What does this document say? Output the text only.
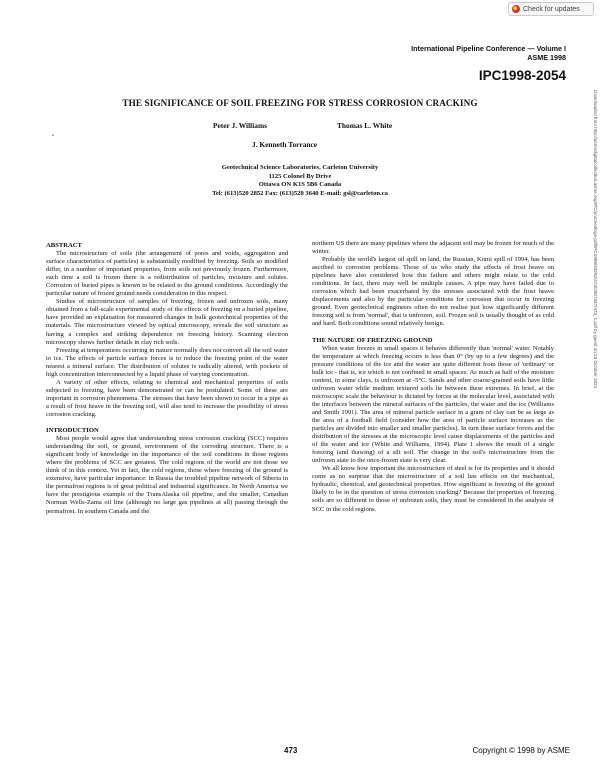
Check for updates
International Pipeline Conference — Volume I
ASME 1998
IPC1998-2054
THE SIGNIFICANCE OF SOIL FREEZING FOR STRESS CORROSION CRACKING
Peter J. Williams	Thomas L. White
J. Kenneth Torrance
•
Geotechnical Science Laboratories, Carleton University
1125 Colonel By Drive
Ottawa ON K1S 5B6 Canada
Tel: (613)520 2852 Fax: (613)520 3640 E-mail: gsl@carleton.ca
ABSTRACT

The microstructure of soils (the arrangement of pores and voids, aggregation and surface characteristics of particles) is substantially modified by freezing. Soils so modified differ, in a number of important properties, from soils not previously frozen. Furthermore, each time a soil is frozen there is a redistribution of particles, moisture and solutes. Corrosion of buried pipes is known to be related to the ground conditions. Accordingly the particular nature of frozen ground needs consideration in this respect.

Studies of microstructure of samples of freezing, frozen and unfrozen soils, many obtained from a full-scale experimental study of the effects of freezing on a buried pipeline, have provided an explanation for measured changes in bulk geotechnical properties of the materials. The microstructure viewed by optical microscopy, reveals the soil structure as having a complex and striking dependence on freezing history. Scanning electron microscopy shows further details in clay rich soils.

Freezing at temperatures occurring in nature normally does not convert all the soil water to ice. The effects of particle surface forces is to reduce the freezing point of the water nearest a mineral surface. The distribution of solutes is radically altered, with pockets of high concentration interconnected by a liquid phase of varying concentration.

A variety of other effects, relating to chemical and mechanical properties of soils subjected to freezing, have been demonstrated or can be postulated. Some of these are important in corrosion phenomena. The stresses that have been shown to occur in a pipe as a result of frost heave in the freezing soil, will also tend to increase the possibility of stress corrosion cracking.

INTRODUCTION

Most people would agree that understanding stress corrosion cracking (SCC) requires understanding the soil, or ground, environment of the corroding structure. There is a significant body of knowledge on the importance of the soil conditions in those regions where the problems of SCC are greatest. The cold regions of the world are not those we think of in this context. Yet in fact, the cold regions, those where freezing of the ground is extensive, have particular importance: in Russia the troubled pipeline network of Siberia in the permafrost regions is of great political and industrial significance. In North America we have the prestigious example of the TransAlaska oil pipeline, and the smaller, Canadian Norman Wells-Zama oil line (although no large gas pipelines at all) passing through the permafrost. In southern Canada and the

northern US there are many pipelines where the adjacent soil may be frozen for much of the winter.

Probably the world's largest oil spill on land, the Russian, Komi spill of 1994, has been ascribed to corrosion problems. Those of us who study the effects of frost heave on pipelines have also considered how this failure and others might relate to the cold conditions. In fact, there may well be multiple causes. A pipe may have failed due to corrosion which had been exacerbated by the stresses associated with the frost heave displacements and also by the particular conditions for corrosion that occur in freezing ground. Even geotechnical engineers often do not realise just how significantly different freezing soil is from 'normal', that is unfrozen, soil. Frozen soil is usually thought of as cold and hard. Both conditions sound relatively benign.

THE NATURE OF FREEZING GROUND

When water freezes in small spaces it behaves differently than 'normal' water. Notably the temperature at which freezing occurs is less than 0° (by up to a few degrees) and the pressure conditions of the ice and the water are quite different from those of 'ordinary' or bulk ice - that is, ice which is not confined in small spaces. As much as half of the moisture content, in some clays, is unfrozen at -5°C. Sands and other coarse-grained soils have little unfrozen water while medium textured soils lie between these extremes. In brief, at the microscopic scale the behaviour is dictated by forces at the molecular level, associated with the interfaces between the mineral surfaces of the particles, the water and the ice (Williams and Smith 1991). The area of mineral particle surface in a gram of clay can be as large as the area of a football field (consider how the area of particle surface increases as the particles are divided into smaller and smaller particles). In turn these surface forces and the distribution of the stresses at the microscopic level cause displacements of the particles and of the water and ice (White and Williams, 1994). Plate 1 shows the result of a single freezing (and thawing) of a silt soil. The change in the soil's microstructure from the unfrozen state to the once-frozen state is very clear.

We all know how important the microstructure of steel is for its properties and it should come as no surprise that the microstructure of a soil has effects on the mechanical, hydraulic, chemical, and geotechnical properties. How significant is freezing of the ground likely to be in the question of stress corrosion cracking? Because the properties of freezing soils are so different to those of unfrozen soils, they must be considered in the analysis of SCC in the cold regions.

Downloaded from http://asmedigitalcollection.asme.org/IPC/proceedings-pdf/IPC1998/40252/473/2507337/473_1.pdf by guest on 23 October 2021
473	Copyright © 1998 by ASME
